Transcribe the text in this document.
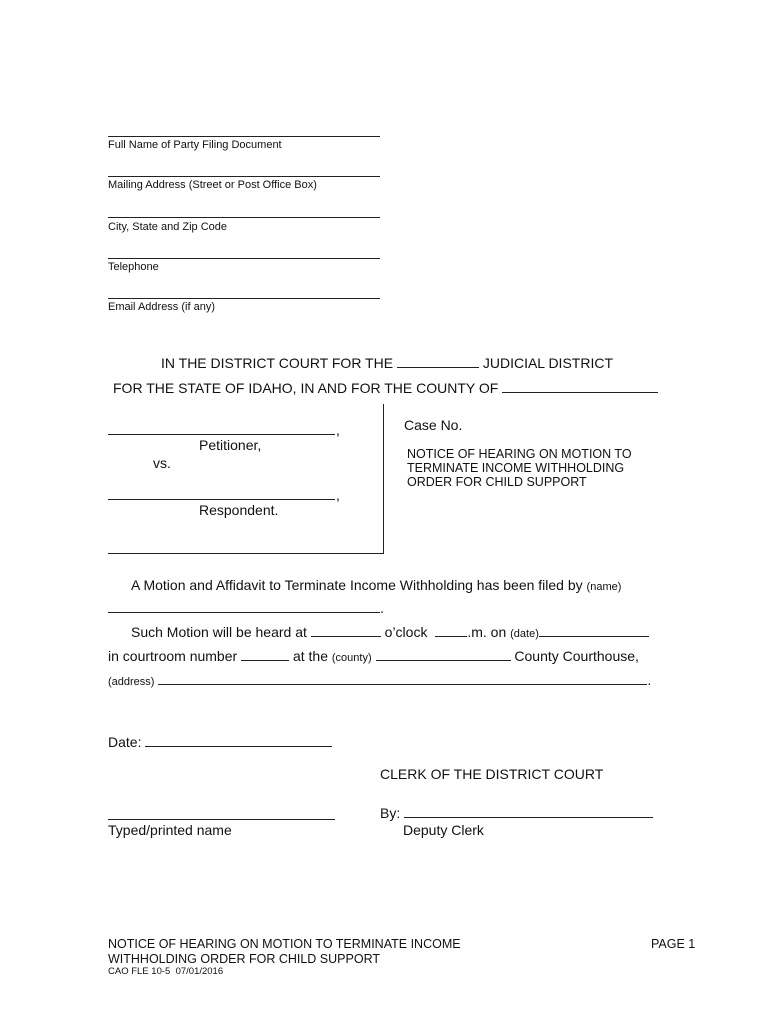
Full Name of Party Filing Document
Mailing Address (Street or Post Office Box)
City, State and Zip Code
Telephone
Email Address (if any)
IN THE DISTRICT COURT FOR THE	JUDICIAL DISTRICT
FOR THE STATE OF IDAHO, IN AND FOR THE COUNTY OF
,
Petitioner,
vs.
,
Respondent.
Case No.
NOTICE OF HEARING ON MOTION TO
TERMINATE INCOME WITHHOLDING
ORDER FOR CHILD SUPPORT
A Motion and Affidavit to Terminate Income Withholding has been filed by (name)
.
Such Motion will be heard at	o’clock	.m. on (date)
in courtroom number	at the (county)	County Courthouse,
(address)	.
Date:
CLERK OF THE DISTRICT COURT
Typed/printed name
By:
Deputy Clerk
NOTICE OF HEARING ON MOTION TO TERMINATE INCOME
WITHHOLDING ORDER FOR CHILD SUPPORT
CAO FLE 10-5  07/01/2016
PAGE 1
